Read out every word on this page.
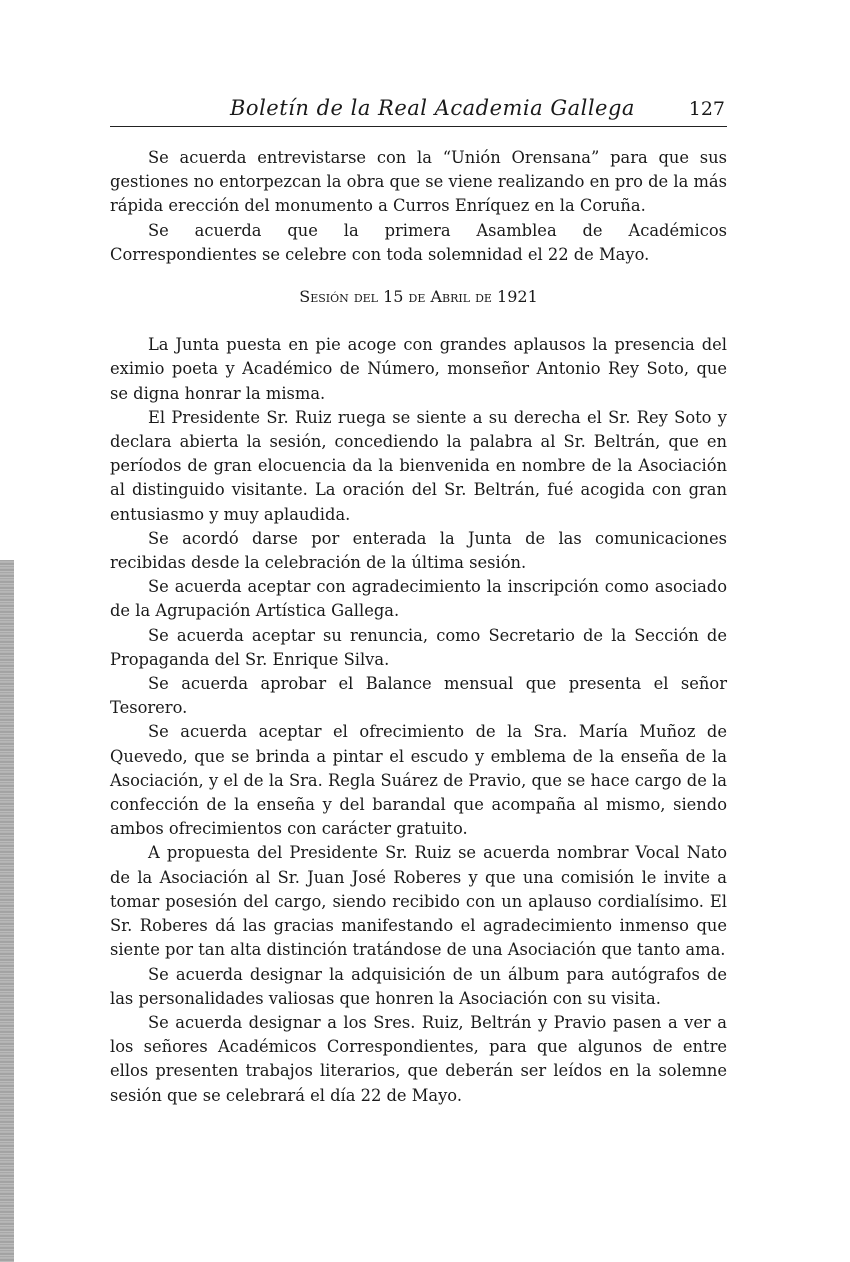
Boletín de la Real Academia Gallega	127

Se acuerda entrevistarse con la “Unión Orensana” para que sus gestiones no entorpezcan la obra que se viene realizando en pro de la más rápida erección del monumento a Curros Enríquez en la Coruña.

Se acuerda que la primera Asamblea de Académicos Correspondientes se celebre con toda solemnidad el 22 de Mayo.

Sesión del 15 de Abril de 1921

La Junta puesta en pie acoge con grandes aplausos la presencia del eximio poeta y Académico de Número, monseñor Antonio Rey Soto, que se digna honrar la misma.

El Presidente Sr. Ruiz ruega se siente a su derecha el Sr. Rey Soto y declara abierta la sesión, concediendo la palabra al Sr. Beltrán, que en períodos de gran elocuencia da la bienvenida en nombre de la Asociación al distinguido visitante. La oración del Sr. Beltrán, fué acogida con gran entusiasmo y muy aplaudida.

Se acordó darse por enterada la Junta de las comunicaciones recibidas desde la celebración de la última sesión.

Se acuerda aceptar con agradecimiento la inscripción como asociado de la Agrupación Artística Gallega.

Se acuerda aceptar su renuncia, como Secretario de la Sección de Propaganda del Sr. Enrique Silva.

Se acuerda aprobar el Balance mensual que presenta el señor Tesorero.

Se acuerda aceptar el ofrecimiento de la Sra. María Muñoz de Quevedo, que se brinda a pintar el escudo y emblema de la enseña de la Asociación, y el de la Sra. Regla Suárez de Pravio, que se hace cargo de la confección de la enseña y del barandal que acompaña al mismo, siendo ambos ofrecimientos con carácter gratuito.

A propuesta del Presidente Sr. Ruiz se acuerda nombrar Vocal Nato de la Asociación al Sr. Juan José Roberes y que una comisión le invite a tomar posesión del cargo, siendo recibido con un aplauso cordialísimo. El Sr. Roberes dá las gracias manifestando el agradecimiento inmenso que siente por tan alta distinción tratándose de una Asociación que tanto ama.

Se acuerda designar la adquisición de un álbum para autógrafos de las personalidades valiosas que honren la Asociación con su visita.

Se acuerda designar a los Sres. Ruiz, Beltrán y Pravio pasen a ver a los señores Académicos Correspondientes, para que algunos de entre ellos presenten trabajos literarios, que deberán ser leídos en la solemne sesión que se celebrará el día 22 de Mayo.
